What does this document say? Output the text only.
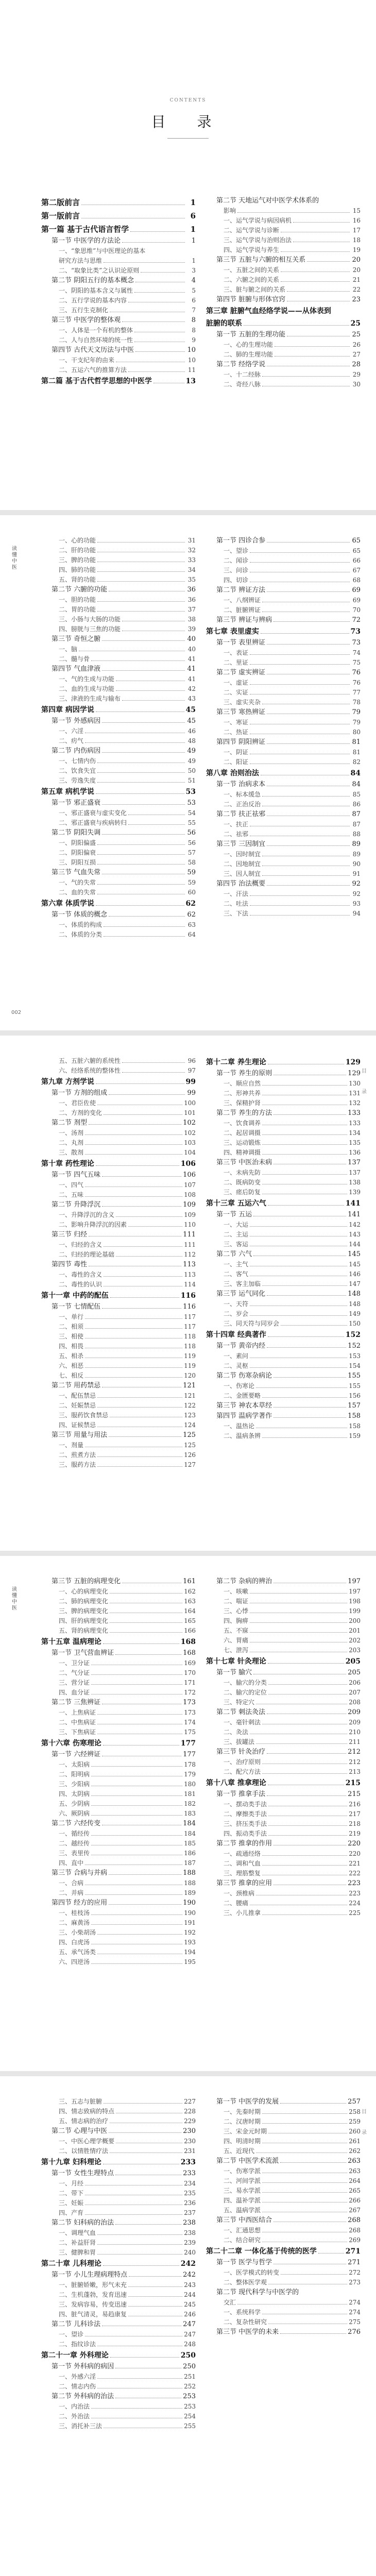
CONTENTS
目 录
第二版前言	1
第一版前言	6
第一篇 基于古代语言哲学	1
第一节 中医学的方法论	1
一、“象思维”与中医理论的基本
研究方法与思维	1
二、“取象比类”之认识论原则	3
第二节 阴阳五行的基本概念	4
一、阴阳的基本含义与属性	5
二、五行学说的基本内容	6
三、五行生克制化	7
第三节 中医学的整体观	8
一、人体是一个有机的整体	8
二、人与自然环境的统一性	9
第四节 古代天文历法与中医	10
一、干支纪年的由来	10
二、五运六气的推算方法	11
第二篇 基于古代哲学思想的中医学	13
第二节 天地运气对中医学术体系的
影响	15
一、运气学说与病因病机	16
二、运气学说与诊断	17
三、运气学说与治则治法	18
四、运气学说与养生	19
第三节 五脏与六腑的相互关系	20
一、五脏之间的关系	20
二、六腑之间的关系	21
三、脏与腑之间的关系	22
第四节 脏腑与形体官窍	23
第三章 脏腑气血经络学说——从体表到
脏腑的联系	25
第一节 五脏的生理功能	25
一、心的生理功能	26
二、肺的生理功能	27
第二节 经络学说	28
一、十二经脉	29
二、奇经八脉	30
读懂中医
一、心的功能	31
二、肝的功能	32
三、脾的功能	33
四、肺的功能	34
五、肾的功能	35
第二节 六腑的功能	36
一、胆的功能	36
二、胃的功能	37
三、小肠与大肠的功能	38
四、膀胱与三焦的功能	39
第三节 奇恒之腑	40
一、脑	40
二、髓与骨	41
第四节 气血津液	41
一、气的生成与功能	41
二、血的生成与功能	42
三、津液的生成与输布	43
第四章 病因学说	45
第一节 外感病因	45
一、六淫	46
二、疠气	48
第二节 内伤病因	49
一、七情内伤	49
二、饮食失宜	50
三、劳逸失度	51
第五章 病机学说	53
第一节 邪正盛衰	53
一、邪正盛衰与虚实变化	54
二、邪正盛衰与疾病转归	55
第二节 阴阳失调	56
一、阴阳偏盛	56
二、阴阳偏衰	57
三、阴阳互损	58
第三节 气血失常	59
一、气的失常	59
二、血的失常	60
第六章 体质学说	62
第一节 体质的概念	62
一、体质的构成	63
二、体质的分类	64
第一节 四诊合参	65
一、望诊	65
二、闻诊	66
三、问诊	67
四、切诊	68
第二节 辨证方法	69
一、八纲辨证	69
二、脏腑辨证	70
第三节 辨证与辨病	72
第七章 表里虚实	73
第一节 表里辨证	73
一、表证	74
二、里证	75
第二节 虚实辨证	76
一、虚证	76
二、实证	77
三、虚实夹杂	78
第三节 寒热辨证	79
一、寒证	79
二、热证	80
第四节 阴阳辨证	81
一、阴证	81
二、阳证	82
第八章 治则治法	84
第一节 治病求本	84
一、标本缓急	85
二、正治反治	86
第二节 扶正祛邪	87
一、扶正	87
二、祛邪	88
第三节 三因制宜	89
一、因时制宜	89
二、因地制宜	90
三、因人制宜	91
第四节 治法概要	92
一、汗法	92
二、吐法	93
三、下法	94
002
五、五脏六腑的系统性	96
六、经络系统的整体性	97
第九章 方剂学说	99
第一节 方剂的组成	99
一、君臣佐使	100
二、方剂的变化	101
第二节 剂型	102
一、汤剂	102
二、丸剂	103
三、散剂	104
第十章 药性理论	106
第一节 四气五味	106
一、四气	107
二、五味	108
第二节 升降浮沉	109
一、升降浮沉的含义	109
二、影响升降浮沉的因素	110
第三节 归经	111
一、归经的含义	111
二、归经的理论基础	112
第四节 毒性	113
一、毒性的含义	113
二、毒性的认识	114
第十一章 中药的配伍	116
第一节 七情配伍	116
一、单行	117
二、相须	117
三、相使	118
四、相畏	118
五、相杀	119
六、相恶	119
七、相反	120
第二节 用药禁忌	121
一、配伍禁忌	121
二、妊娠禁忌	122
三、服药饮食禁忌	123
四、证候禁忌	124
第三节 用量与用法	125
一、剂量	125
二、煎煮方法	126
三、服药方法	127
第十二章 养生理论	129
第一节 养生的原则	129
一、顺应自然	130
二、形神共养	131
三、保精护肾	132
第二节 养生的方法	133
一、饮食调养	133
二、起居调摄	134
三、运动锻炼	135
四、精神调摄	136
第三节 中医治未病	137
一、未病先防	137
二、既病防变	138
三、瘥后防复	139
第十三章 五运六气	141
第一节 五运	141
一、大运	142
二、主运	143
三、客运	144
第二节 六气	145
一、主气	145
二、客气	146
三、客主加临	147
第三节 运气同化	148
一、天符	148
二、岁会	149
三、同天符与同岁会	150
第十四章 经典著作	152
第一节 黄帝内经	152
一、素问	153
二、灵枢	154
第二节 伤寒杂病论	155
一、伤寒论	155
二、金匮要略	156
第三节 神农本草经	157
第四节 温病学著作	158
一、温热论	158
二、温病条辨	159
目
录
读懂中医
第三节 五脏的病理变化	161
一、心的病理变化	162
二、肺的病理变化	163
三、脾的病理变化	164
四、肝的病理变化	165
五、肾的病理变化	166
第十五章 温病理论	168
第一节 卫气营血辨证	168
一、卫分证	169
二、气分证	170
三、营分证	171
四、血分证	172
第二节 三焦辨证	173
一、上焦病证	173
二、中焦病证	174
三、下焦病证	175
第十六章 伤寒理论	177
第一节 六经辨证	177
一、太阳病	178
二、阳明病	179
三、少阳病	180
四、太阴病	181
五、少阴病	182
六、厥阴病	183
第二节 六经传变	184
一、循经传	184
二、越经传	185
三、表里传	186
四、直中	187
第三节 合病与并病	188
一、合病	188
二、并病	189
第四节 经方的应用	190
一、桂枝汤	190
二、麻黄汤	191
三、小柴胡汤	192
四、白虎汤	193
五、承气汤类	194
六、四逆汤	195
第二节 杂病的辨治	197
一、咳嗽	197
二、喘证	198
三、心悸	199
四、胸痹	200
五、不寐	201
六、胃痛	202
七、泄泻	203
第十七章 针灸理论	205
第一节 腧穴	205
一、腧穴的分类	206
二、腧穴的定位	207
三、特定穴	208
第二节 刺法灸法	209
一、毫针刺法	209
二、灸法	210
三、拔罐法	211
第三节 针灸治疗	212
一、治疗原则	212
二、配穴方法	213
第十八章 推拿理论	215
第一节 推拿手法	215
一、摆动类手法	216
二、摩擦类手法	217
三、挤压类手法	218
四、振动类手法	219
第二节 推拿的作用	220
一、疏通经络	220
二、调和气血	221
三、理筋整复	222
第三节 推拿的应用	223
一、颈椎病	223
二、腰痛	224
三、小儿推拿	225
三、五志与脏腑	227
四、情志致病的特点	228
五、情志病的治疗	229
第二节 心理与中医	230
一、中医心理学概要	230
二、以情胜情疗法	231
第十九章 妇科理论	233
第一节 女性生理特点	233
一、月经	234
二、带下	235
三、妊娠	236
四、产育	237
第二节 妇科病的治法	238
一、调理气血	238
二、补益肝肾	239
三、健脾和胃	240
第二十章 儿科理论	242
第一节 小儿生理病理特点	242
一、脏腑娇嫩，形气未充	243
二、生机蓬勃，发育迅速	244
三、发病容易，传变迅速	245
四、脏气清灵，易趋康复	246
第二节 儿科诊法	247
一、望诊	247
二、指纹诊法	248
第二十一章 外科理论	250
第一节 外科病的病因	250
一、外感六淫	251
二、情志内伤	252
第二节 外科病的治法	253
一、内治法	253
二、外治法	254
三、消托补三法	255
第一节 中医学的发展	257
一、先秦时期	258
二、汉唐时期	259
三、宋金元时期	260
四、明清时期	261
五、近现代	262
第二节 中医学术流派	263
一、伤寒学派	263
二、河间学派	264
三、易水学派	265
四、温补学派	266
五、温病学派	267
第三节 中西医结合	268
一、汇通思想	268
二、结合研究	269
第二十二章 一体化基于传统的医学	271
第一节 医学与哲学	271
一、医学模式的转变	272
二、整体医学观	273
第二节 现代科学与中医学的
交汇	274
一、系统科学	274
二、复杂性研究	275
第三节 中医学的未来	276
目
录
